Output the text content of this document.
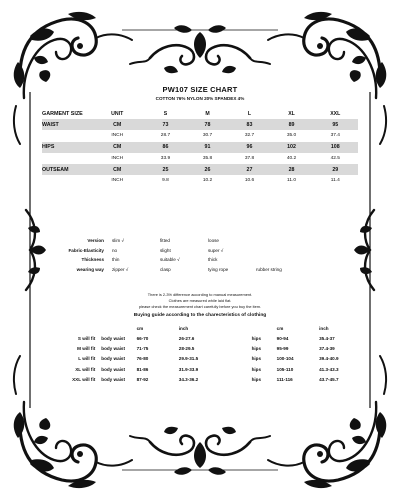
PW107 SIZE CHART
COTTON 76% NYLON 20% SPANDEX 4%
GARMENT SIZE	UNIT	S	M	L	XL	XXL
WAIST	CM	73	78	83	89	95
	INCH	28.7	30.7	32.7	35.0	37.4
HIPS	CM	86	91	96	102	108
	INCH	33.9	35.8	37.8	40.2	42.5
OUTSEAM	CM	25	26	27	28	29
	INCH	9.8	10.2	10.6	11.0	11.4
Version	slim √	fitted	loose	
Fabric-Elasticity	no	slight	super √	
Thickness	thin	suitable √	thick	
wearing way	zipper √	clasp	tying rope	rubber string
There is 2-3% difference according to manual measurement.
Clothes are measured while laid flat.
please check the measurement chart carefully before you buy the item.
Buying guide according to the charecteristics of clothing
		cm	inch		cm	inch
S will fit	body waist	66-70	26-27.6	hips	90-94	35.4-37
M will fit	body waist	71-75	28-29.5	hips	95-99	37.4-39
L will fit	body waist	76-80	29.9-31.5	hips	100-104	39.4-40.9
XL will fit	body waist	81-86	31.9-33.9	hips	105-110	41.3-43.3
XXL will fit	body waist	87-92	34.3-36.2	hips	111-116	43.7-45.7
